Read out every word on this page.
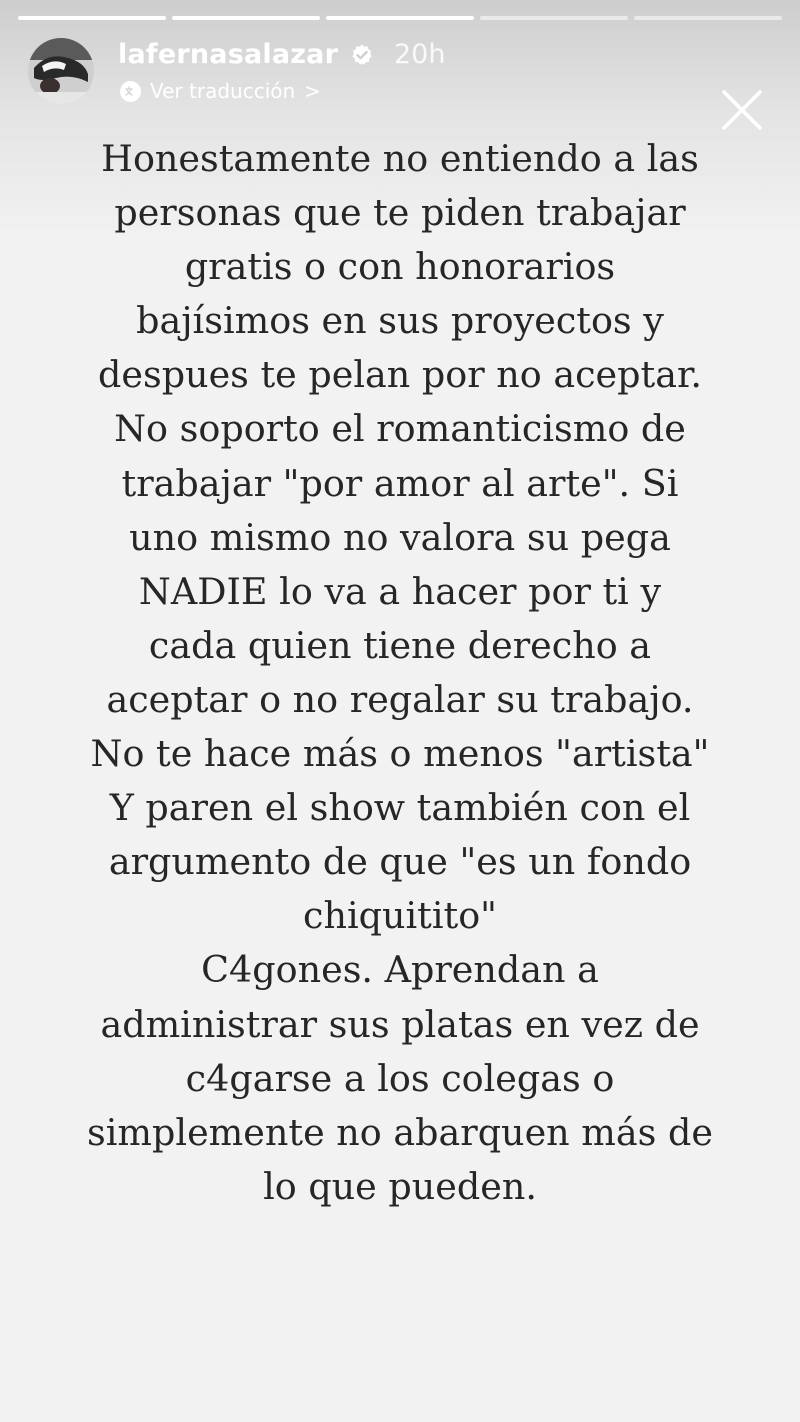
lafernasalazar 20h
Ver traducción >

Honestamente no entiendo a las
personas que te piden trabajar
gratis o con honorarios
bajísimos en sus proyectos y
despues te pelan por no aceptar.
No soporto el romanticismo de
trabajar "por amor al arte". Si
uno mismo no valora su pega
NADIE lo va a hacer por ti y
cada quien tiene derecho a
aceptar o no regalar su trabajo.
No te hace más o menos "artista"
Y paren el show también con el
argumento de que "es un fondo
chiquitito"
C4gones. Aprendan a
administrar sus platas en vez de
c4garse a los colegas o
simplemente no abarquen más de
lo que pueden.
